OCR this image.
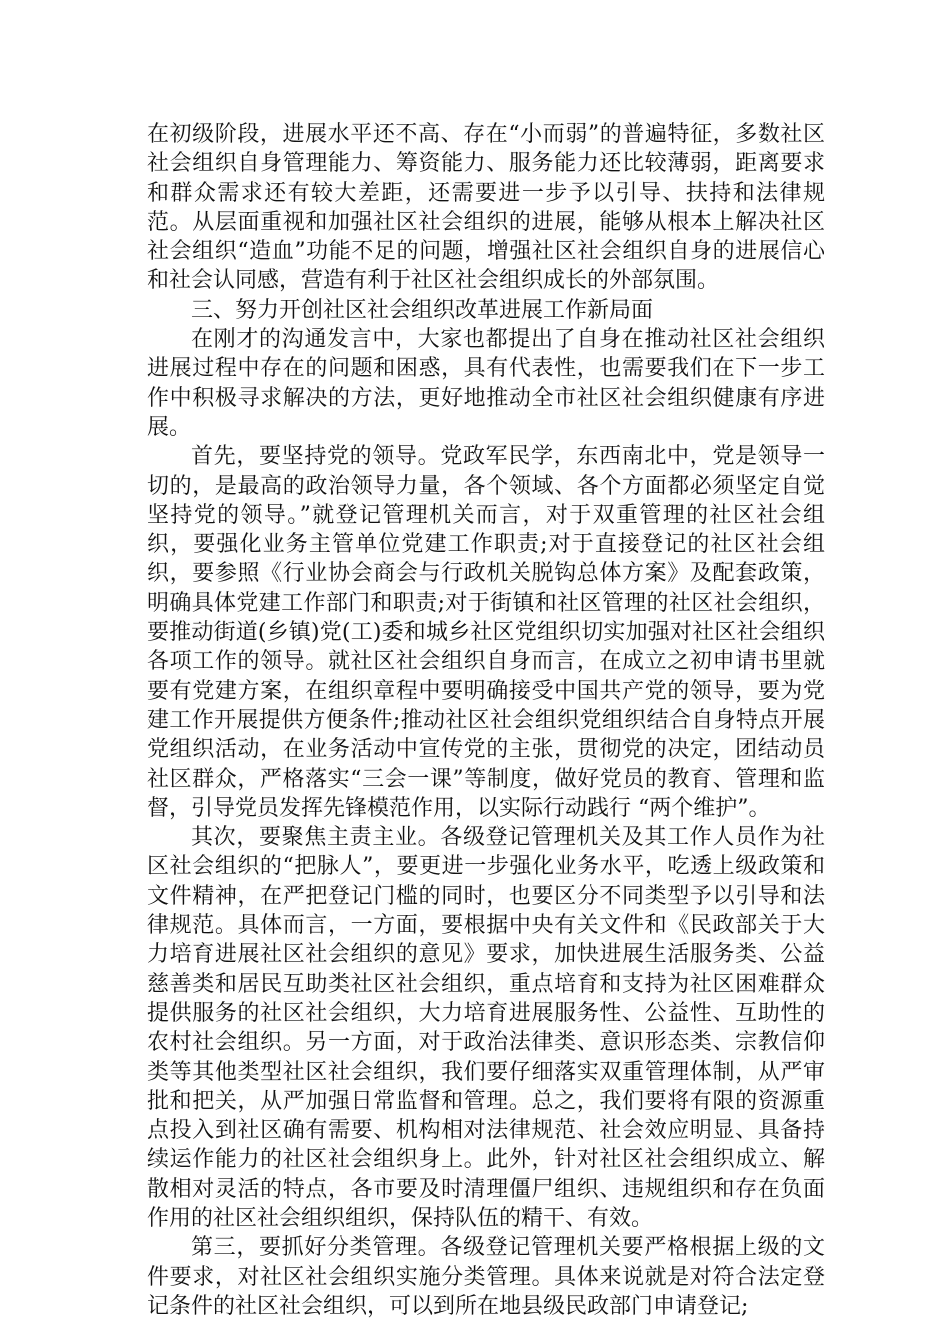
在初级阶段，进展水平还不高、存在“小而弱”的普遍特征，多数社区社会组织自身管理能力、筹资能力、服务能力还比较薄弱，距离要求和群众需求还有较大差距，还需要进一步予以引导、扶持和法律规范。从层面重视和加强社区社会组织的进展，能够从根本上解决社区社会组织“造血”功能不足的问题，增强社区社会组织自身的进展信心和社会认同感，营造有利于社区社会组织成长的外部氛围。

三、努力开创社区社会组织改革进展工作新局面

在刚才的沟通发言中，大家也都提出了自身在推动社区社会组织进展过程中存在的问题和困惑，具有代表性，也需要我们在下一步工作中积极寻求解决的方法，更好地推动全市社区社会组织健康有序进展。

首先，要坚持党的领导。党政军民学，东西南北中，党是领导一切的，是最高的政治领导力量，各个领域、各个方面都必须坚定自觉坚持党的领导。”就登记管理机关而言，对于双重管理的社区社会组织，要强化业务主管单位党建工作职责;对于直接登记的社区社会组织，要参照《行业协会商会与行政机关脱钩总体方案》及配套政策，明确具体党建工作部门和职责;对于街镇和社区管理的社区社会组织，要推动街道(乡镇)党(工)委和城乡社区党组织切实加强对社区社会组织各项工作的领导。就社区社会组织自身而言，在成立之初申请书里就要有党建方案，在组织章程中要明确接受中国共产党的领导，要为党建工作开展提供方便条件;推动社区社会组织党组织结合自身特点开展党组织活动，在业务活动中宣传党的主张，贯彻党的决定，团结动员社区群众，严格落实“三会一课”等制度，做好党员的教育、管理和监督，引导党员发挥先锋模范作用，以实际行动践行 “两个维护”。

其次，要聚焦主责主业。各级登记管理机关及其工作人员作为社区社会组织的“把脉人”，要更进一步强化业务水平，吃透上级政策和文件精神，在严把登记门槛的同时，也要区分不同类型予以引导和法律规范。具体而言，一方面，要根据中央有关文件和《民政部关于大力培育进展社区社会组织的意见》要求，加快进展生活服务类、公益慈善类和居民互助类社区社会组织，重点培育和支持为社区困难群众提供服务的社区社会组织，大力培育进展服务性、公益性、互助性的农村社会组织。另一方面，对于政治法律类、意识形态类、宗教信仰类等其他类型社区社会组织，我们要仔细落实双重管理体制，从严审批和把关，从严加强日常监督和管理。总之，我们要将有限的资源重点投入到社区确有需要、机构相对法律规范、社会效应明显、具备持续运作能力的社区社会组织身上。此外，针对社区社会组织成立、解散相对灵活的特点，各市要及时清理僵尸组织、违规组织和存在负面作用的社区社会组织组织，保持队伍的精干、有效。

第三，要抓好分类管理。各级登记管理机关要严格根据上级的文件要求，对社区社会组织实施分类管理。具体来说就是对符合法定登记条件的社区社会组织，可以到所在地县级民政部门申请登记;
